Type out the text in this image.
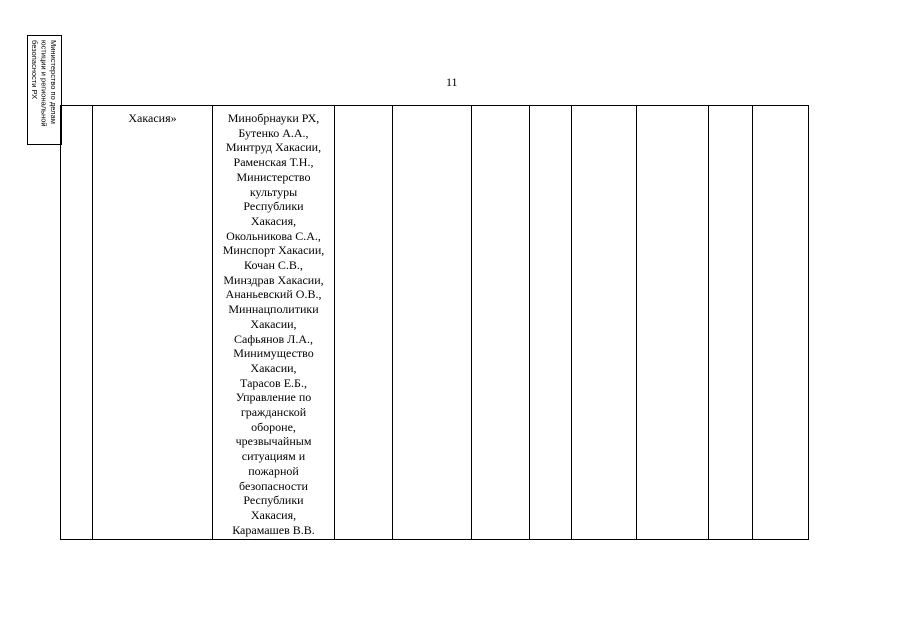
Министерство по делам
юстиции и региональной
безопасности РХ	11

Хакасия»	Минобрнауки РХ,
Бутенко А.А.,
Минтруд Хакасии,
Раменская Т.Н.,
Министерство
культуры
Республики
Хакасия,
Окольникова С.А.,
Минспорт Хакасии,
Кочан С.В.,
Минздрав Хакасии,
Ананьевский О.В.,
Миннацполитики
Хакасии,
Сафьянов Л.А.,
Минимущество
Хакасии,
Тарасов Е.Б.,
Управление по
гражданской
обороне,
чрезвычайным
ситуациям и
пожарной
безопасности
Республики
Хакасия,
Карамашев В.В.
